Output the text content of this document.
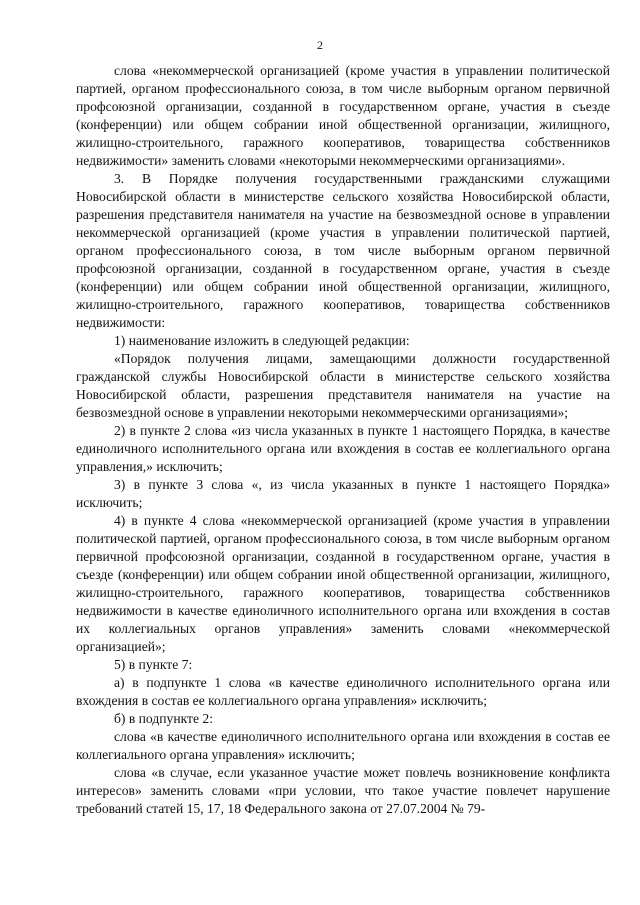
2

слова «некоммерческой организацией (кроме участия в управлении политической партией, органом профессионального союза, в том числе выборным органом первичной профсоюзной организации, созданной в государственном органе, участия в съезде (конференции) или общем собрании иной общественной организации, жилищного, жилищно-строительного, гаражного кооперативов, товарищества собственников недвижимости» заменить словами «некоторыми некоммерческими организациями».

3. В Порядке получения государственными гражданскими служащими Новосибирской области в министерстве сельского хозяйства Новосибирской области, разрешения представителя нанимателя на участие на безвозмездной основе в управлении некоммерческой организацией (кроме участия в управлении политической партией, органом профессионального союза, в том числе выборным органом первичной профсоюзной организации, созданной в государственном органе, участия в съезде (конференции) или общем собрании иной общественной организации, жилищного, жилищно-строительного, гаражного кооперативов, товарищества собственников недвижимости:

1) наименование изложить в следующей редакции:

«Порядок получения лицами, замещающими должности государственной гражданской службы Новосибирской области в министерстве сельского хозяйства Новосибирской области, разрешения представителя нанимателя на участие на безвозмездной основе в управлении некоторыми некоммерческими организациями»;

2) в пункте 2 слова «из числа указанных в пункте 1 настоящего Порядка, в качестве единоличного исполнительного органа или вхождения в состав ее коллегиального органа управления,» исключить;

3) в пункте 3 слова «, из числа указанных в пункте 1 настоящего Порядка» исключить;

4) в пункте 4 слова «некоммерческой организацией (кроме участия в управлении политической партией, органом профессионального союза, в том числе выборным органом первичной профсоюзной организации, созданной в государственном органе, участия в съезде (конференции) или общем собрании иной общественной организации, жилищного, жилищно-строительного, гаражного кооперативов, товарищества собственников недвижимости в качестве единоличного исполнительного органа или вхождения в состав их коллегиальных органов управления» заменить словами «некоммерческой организацией»;

5) в пункте 7:

а) в подпункте 1 слова «в качестве единоличного исполнительного органа или вхождения в состав ее коллегиального органа управления» исключить;

б) в подпункте 2:

слова «в качестве единоличного исполнительного органа или вхождения в состав ее коллегиального органа управления» исключить;

слова «в случае, если указанное участие может повлечь возникновение конфликта интересов» заменить словами «при условии, что такое участие повлечет нарушение требований статей 15, 17, 18 Федерального закона от 27.07.2004 № 79-
